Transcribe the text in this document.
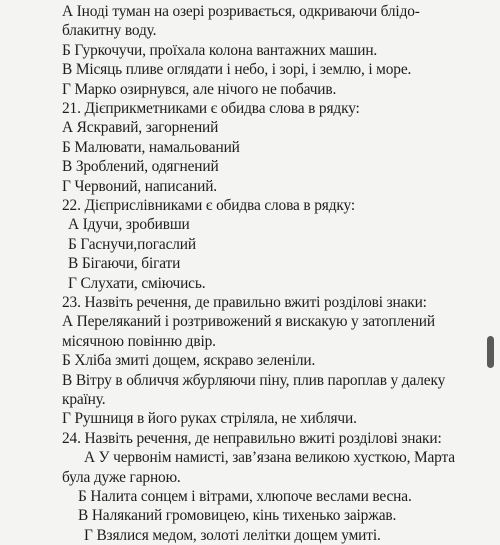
А Іноді туман на озері розривається, одкриваючи блідо-
блакитну воду.
Б Гуркочучи, проїхала колона вантажних машин.
В Місяць пливе оглядати і небо, і зорі, і землю, і море.
Г Марко озирнувся, але нічого не побачив.
21. Дієприкметниками є обидва слова в рядку:
А Яскравий, загорнений
Б Малювати, намальований
В Зроблений, одягнений
Г Червоний, написаний.
22. Дієприслівниками є обидва слова в рядку:
А Ідучи, зробивши
Б Гаснучи,погаслий
В Бігаючи, бігати
Г Слухати, сміючись.
23. Назвіть речення, де правильно вжиті розділові знаки:
А Переляканий і розтривожений я вискакую у затоплений
місячною повінню двір.
Б Хліба змиті дощем, яскраво зеленіли.
В Вітру в обличчя жбурляючи піну, плив пароплав у далеку
країну.
Г Рушниця в його руках стріляла, не хиблячи.
24. Назвіть речення, де неправильно вжиті розділові знаки:
А У червонім намисті, зав’язана великою хусткою, Марта
була дуже гарною.
Б Налита сонцем і вітрами, хлюпоче веслами весна.
В Наляканий громовицею, кінь тихенько заіржав.
Г Взялися медом, золоті лелітки дощем умиті.
